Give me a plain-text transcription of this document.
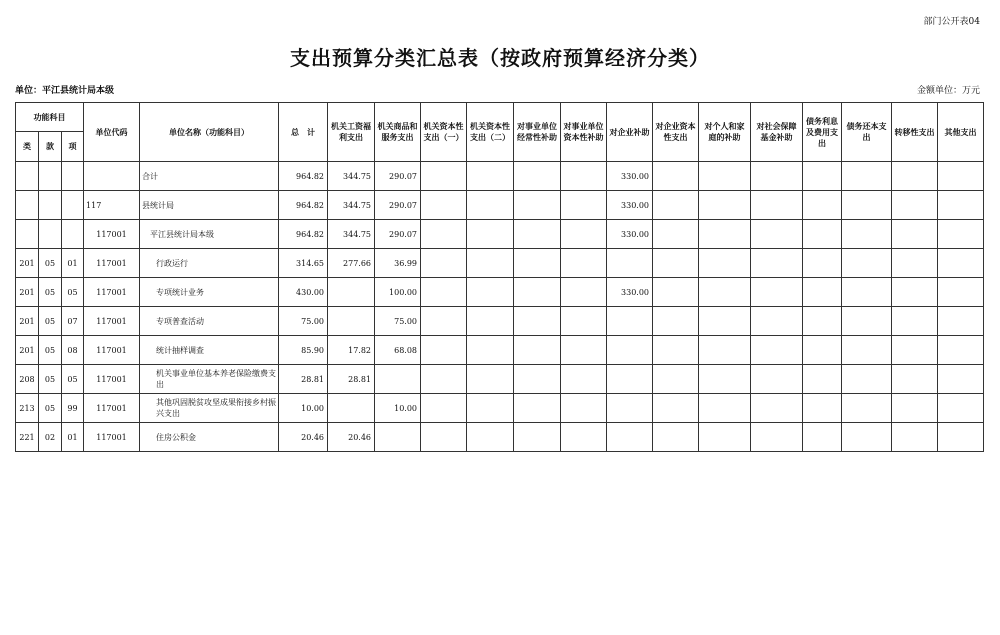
部门公开表04
支出预算分类汇总表（按政府预算经济分类）
单位：平江县统计局本级	金额单位：万元
功能科目			单位代码	单位名称（功能科目）	总　计	机关工资福利支出	机关商品和服务支出	机关资本性支出（一）	机关资本性支出（二）	对事业单位经常性补助	对事业单位资本性补助	对企业补助	对企业资本性支出	对个人和家庭的补助	对社会保障基金补助	债务利息及费用支出	债务还本支出	转移性支出	其他支出
类	款	项																	
				合计	964.82	344.75	290.07					330.00							
			117	县统计局	964.82	344.75	290.07					330.00							
			117001	平江县统计局本级	964.82	344.75	290.07					330.00							
201	05	01	117001	行政运行	314.65	277.66	36.99												
201	05	05	117001	专项统计业务	430.00		100.00					330.00							
201	05	07	117001	专项普查活动	75.00		75.00												
201	05	08	117001	统计抽样调查	85.90	17.82	68.08												
208	05	05	117001	机关事业单位基本养老保险缴费支出	28.81	28.81													
213	05	99	117001	其他巩固脱贫攻坚成果衔接乡村振兴支出	10.00		10.00												
221	02	01	117001	住房公积金	20.46	20.46													
